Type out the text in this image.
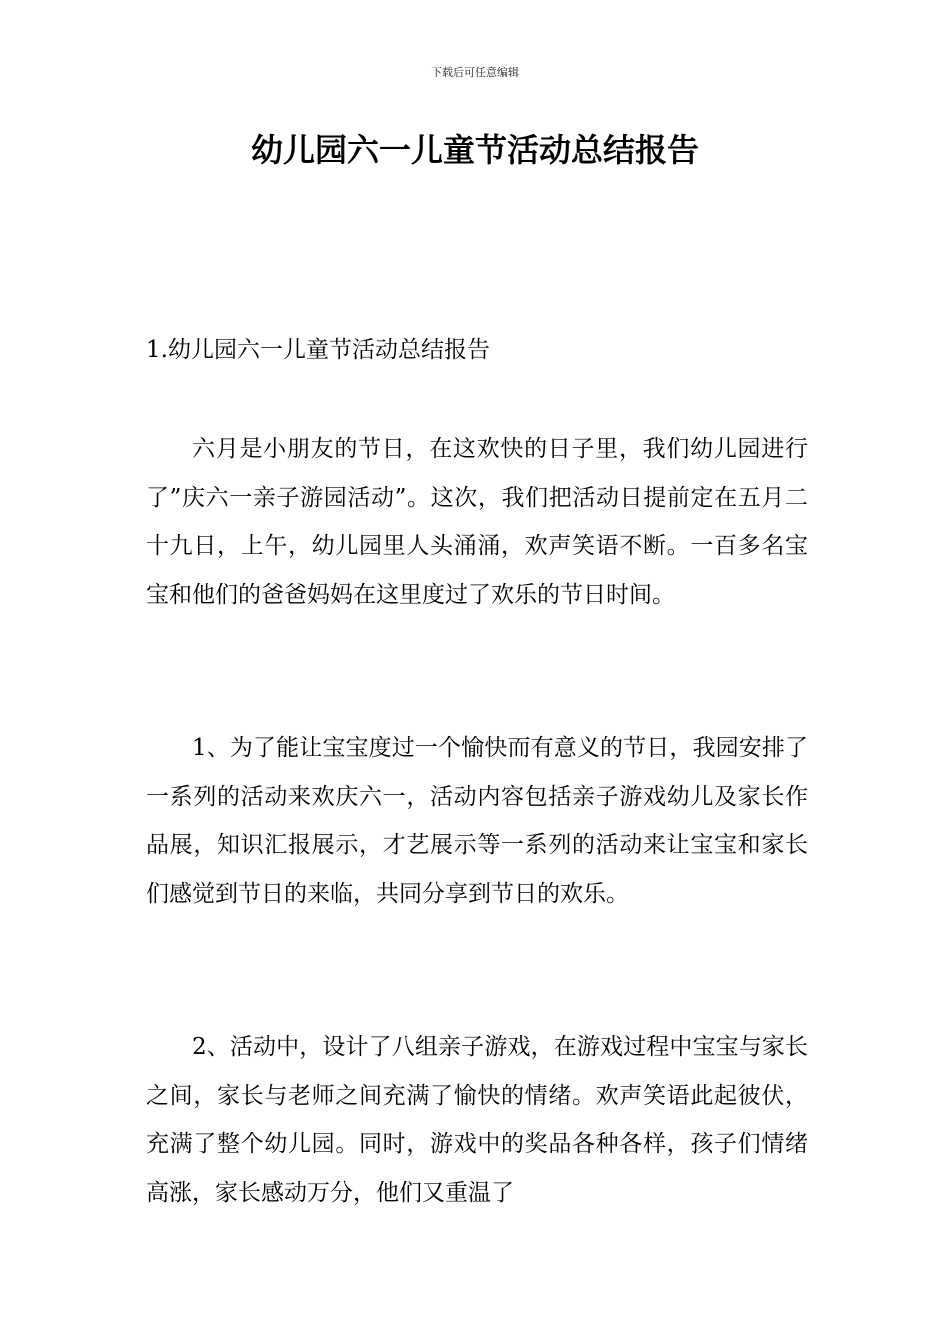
下载后可任意编辑
幼儿园六一儿童节活动总结报告
1.幼儿园六一儿童节活动总结报告

六月是小朋友的节日，在这欢快的日子里，我们幼儿园进行了”庆六一亲子游园活动”。这次，我们把活动日提前定在五月二十九日，上午，幼儿园里人头涌涌，欢声笑语不断。一百多名宝宝和他们的爸爸妈妈在这里度过了欢乐的节日时间。

1、为了能让宝宝度过一个愉快而有意义的节日，我园安排了一系列的活动来欢庆六一，活动内容包括亲子游戏幼儿及家长作品展，知识汇报展示，才艺展示等一系列的活动来让宝宝和家长们感觉到节日的来临，共同分享到节日的欢乐。

2、活动中，设计了八组亲子游戏，在游戏过程中宝宝与家长之间，家长与老师之间充满了愉快的情绪。欢声笑语此起彼伏，充满了整个幼儿园。同时，游戏中的奖品各种各样，孩子们情绪高涨，家长感动万分，他们又重温了
